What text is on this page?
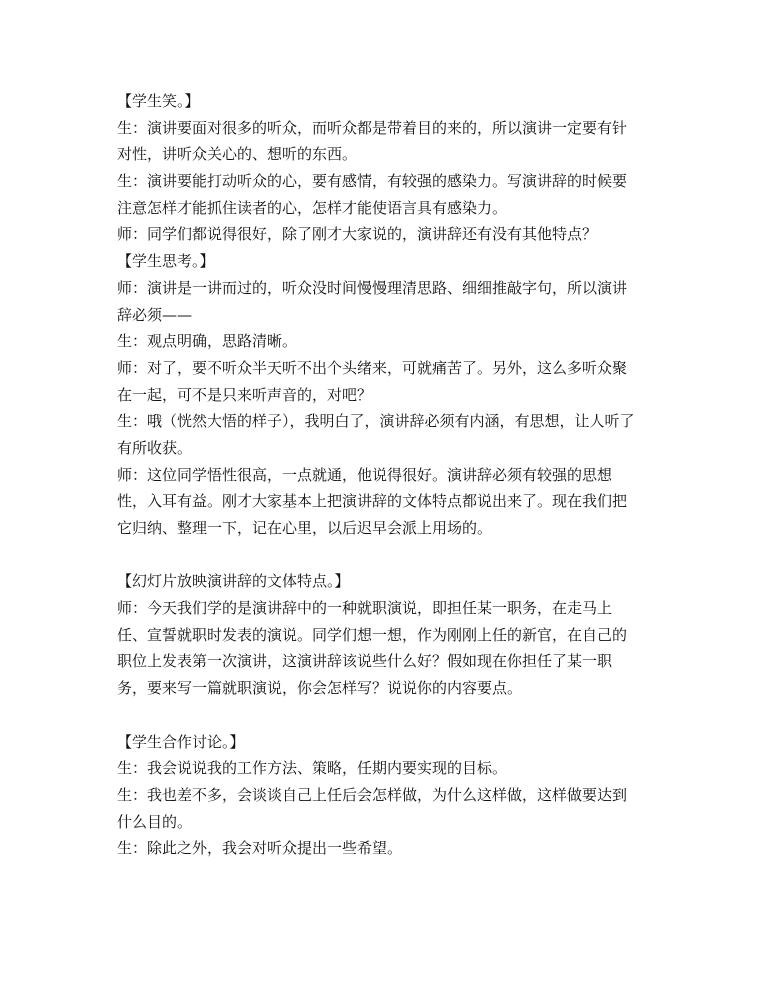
【学生笑。】
生：演讲要面对很多的听众，而听众都是带着目的来的，所以演讲一定要有针
对性，讲听众关心的、想听的东西。
生：演讲要能打动听众的心，要有感情，有较强的感染力。写演讲辞的时候要
注意怎样才能抓住读者的心，怎样才能使语言具有感染力。
师：同学们都说得很好，除了刚才大家说的，演讲辞还有没有其他特点？
【学生思考。】
师：演讲是一讲而过的，听众没时间慢慢理清思路、细细推敲字句，所以演讲
辞必须——
生：观点明确，思路清晰。
师：对了，要不听众半天听不出个头绪来，可就痛苦了。另外，这么多听众聚
在一起，可不是只来听声音的，对吧？
生：哦（恍然大悟的样子），我明白了，演讲辞必须有内涵，有思想，让人听了
有所收获。
师：这位同学悟性很高，一点就通，他说得很好。演讲辞必须有较强的思想
性，入耳有益。刚才大家基本上把演讲辞的文体特点都说出来了。现在我们把
它归纳、整理一下，记在心里，以后迟早会派上用场的。
【幻灯片放映演讲辞的文体特点。】
师：今天我们学的是演讲辞中的一种就职演说，即担任某一职务，在走马上
任、宣誓就职时发表的演说。同学们想一想，作为刚刚上任的新官，在自己的
职位上发表第一次演讲，这演讲辞该说些什么好？假如现在你担任了某一职
务，要来写一篇就职演说，你会怎样写？说说你的内容要点。
【学生合作讨论。】
生：我会说说我的工作方法、策略，任期内要实现的目标。
生：我也差不多，会谈谈自己上任后会怎样做，为什么这样做，这样做要达到
什么目的。
生：除此之外，我会对听众提出一些希望。
